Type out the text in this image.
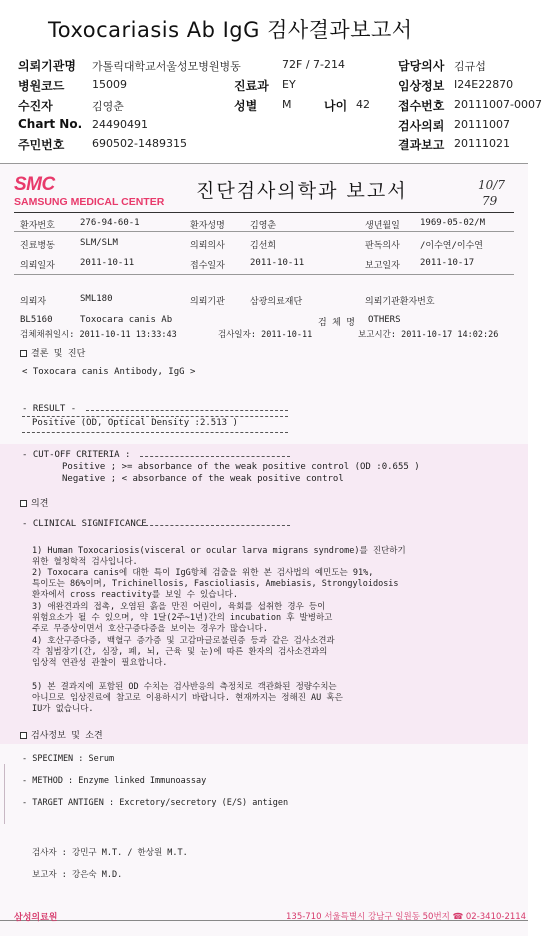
Toxocariasis Ab IgG 검사결과보고서
의뢰기관명 가톨릭대학교서울성모병원병동	72F / 7-214	담당의사 김규섭
병원코드	15009	진료과 EY	임상정보 I24E22870
수진자	김영춘	성별 M	나이 42 접수번호 20111007-0007
Chart No. 24490491	검사의뢰 20111007
주민번호	690502-1489315	결과보고 20111021
SMC
SAMSUNG MEDICAL CENTER 진단검사의학과 보고서	10/7
79
환자번호	276-94-60-1	환자성명	김영춘	생년월일 1969-05-02/M
진료병동	SLM/SLM	의뢰의사	김선희	판독의사 /이수연/이수연
의뢰일자	2011-10-11	접수일자	2011-10-11	보고일자 2011-10-17
의뢰자	SML180	의뢰기관	삼광의료재단	의뢰기관환자번호
BL5160	Toxocara canis Ab	검 체 명 OTHERS
검체채취일시: 2011-10-11 13:33:43	검사일자: 2011-10-11	보고시간: 2011-10-17 14:02:26
결론 및 진단
< Toxocara canis Antibody, IgG >
- RESULT -
Positive (OD, Optical Density :2.513 )
- CUT-OFF CRITERIA :
Positive ; >= absorbance of the weak positive control (OD :0.655 )
Negative ; < absorbance of the weak positive control
의견
- CLINICAL SIGNIFICANCE
1) Human Toxocariosis(visceral or ocular larva migrans syndrome)를 진단하기
위한 혈청학적 검사입니다.
2) Toxocara canis에 대한 특이 IgG항체 검출을 위한 본 검사법의 예민도는 91%,
특이도는 86%이며, Trichinellosis, Fascioliasis, Amebiasis, Strongyloidosis
환자에서 cross reactivity를 보일 수 있습니다.
3) 애완견과의 접촉, 오염된 흙을 만진 어린이, 육회를 섭취한 경우 등이
위험요소가 될 수 있으며, 약 1달(2주~1년)간의 incubation 후 발병하고
주로 무증상이면서 호산구증다증을 보이는 경우가 많습니다.
4) 호산구증다증, 백혈구 증가증 및 고감마글로불린증 등과 같은 검사소견과
각 침범장기(간, 심장, 폐, 뇌, 근육 및 눈)에 따른 환자의 검사소견과의
임상적 연관성 관찰이 필요합니다.
5) 본 결과지에 포함된 OD 수치는 검사반응의 측정치로 객관화된 정량수치는
아니므로 임상진료에 참고로 이용하시기 바랍니다. 현재까지는 정해진 AU 혹은
IU가 없습니다.
검사정보 및 소견
- SPECIMEN : Serum
- METHOD : Enzyme linked Immunoassay
- TARGET ANTIGEN : Excretory/secretory (E/S) antigen
검사자 : 강민구 M.T. / 한상원 M.T.
보고자 : 강은숙 M.D.
삼성의료원	135-710 서울특별시 강남구 일원동 50번지 ☎ 02-3410-2114
